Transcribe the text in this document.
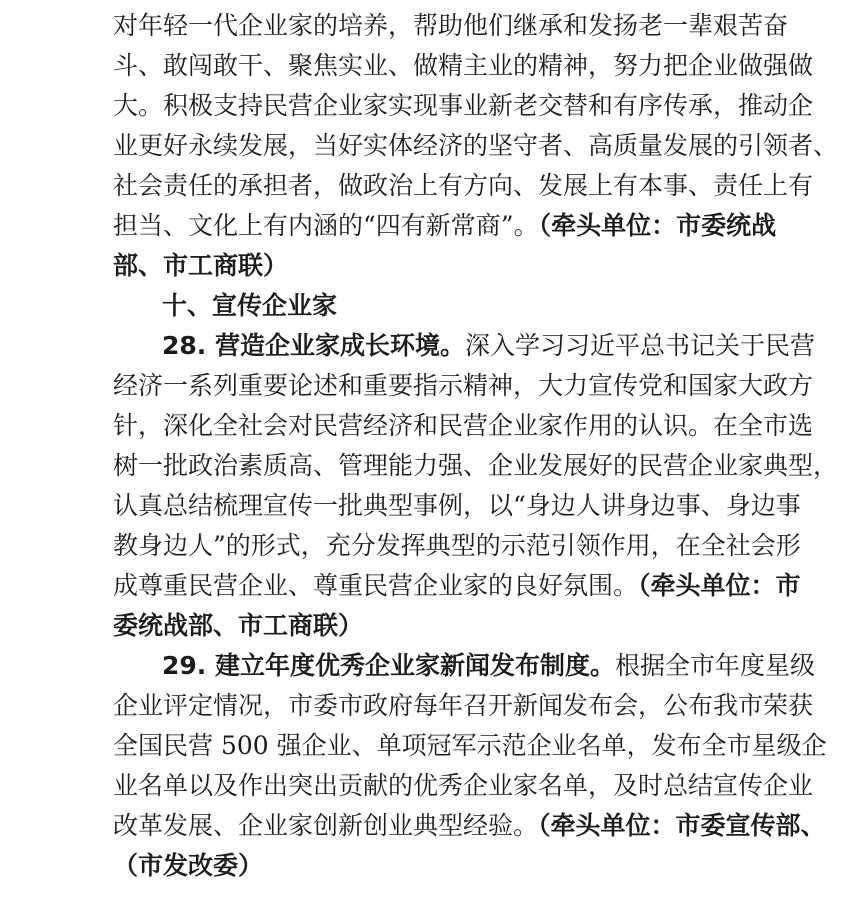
对年轻一代企业家的培养，帮助他们继承和发扬老一辈艰苦奋
斗、敢闯敢干、聚焦实业、做精主业的精神，努力把企业做强做
大。积极支持民营企业家实现事业新老交替和有序传承，推动企
业更好永续发展，当好实体经济的坚守者、高质量发展的引领者、
社会责任的承担者，做政治上有方向、发展上有本事、责任上有
担当、文化上有内涵的“四有新常商”。（牵头单位：市委统战
部、市工商联）
十、宣传企业家
28. 营造企业家成长环境。深入学习习近平总书记关于民营
经济一系列重要论述和重要指示精神，大力宣传党和国家大政方
针，深化全社会对民营经济和民营企业家作用的认识。在全市选
树一批政治素质高、管理能力强、企业发展好的民营企业家典型，
认真总结梳理宣传一批典型事例，以“身边人讲身边事、身边事
教身边人”的形式，充分发挥典型的示范引领作用，在全社会形
成尊重民营企业、尊重民营企业家的良好氛围。（牵头单位：市
委统战部、市工商联）
29. 建立年度优秀企业家新闻发布制度。根据全市年度星级
企业评定情况，市委市政府每年召开新闻发布会，公布我市荣获
全国民营 500 强企业、单项冠军示范企业名单，发布全市星级企
业名单以及作出突出贡献的优秀企业家名单，及时总结宣传企业
改革发展、企业家创新创业典型经验。（牵头单位：市委宣传部、
（市发改委）
